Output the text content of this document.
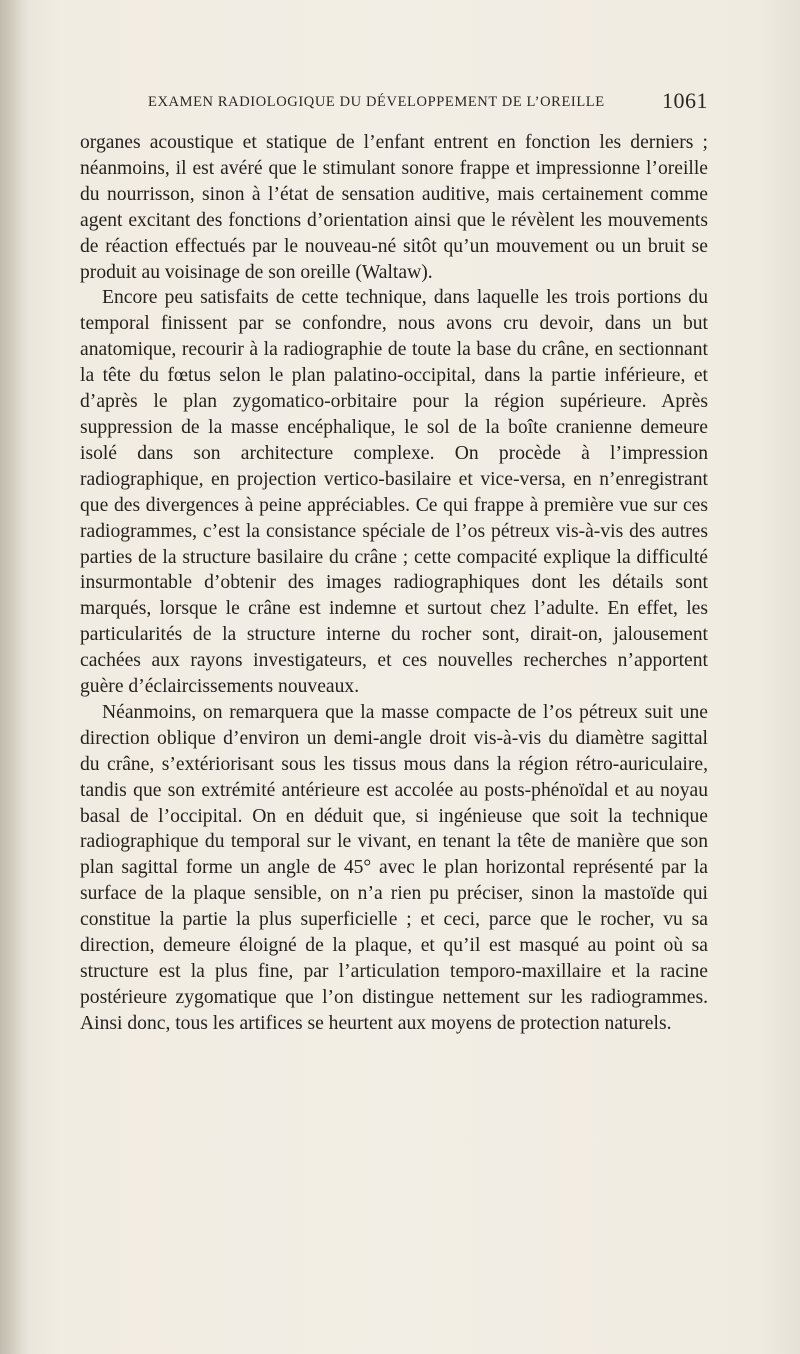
EXAMEN RADIOLOGIQUE DU DÉVELOPPEMENT DE L’OREILLE	1061

organes acoustique et statique de l’enfant entrent en fonction les derniers ; néanmoins, il est avéré que le stimulant sonore frappe et impressionne l’oreille du nourrisson, sinon à l’état de sensation auditive, mais certainement comme agent excitant des fonctions d’orientation ainsi que le révèlent les mouvements de réaction effectués par le nouveau-né sitôt qu’un mouvement ou un bruit se produit au voisinage de son oreille (Waltaw).

Encore peu satisfaits de cette technique, dans laquelle les trois portions du temporal finissent par se confondre, nous avons cru devoir, dans un but anatomique, recourir à la radiographie de toute la base du crâne, en sectionnant la tête du fœtus selon le plan palatino-occipital, dans la partie inférieure, et d’après le plan zygomatico-orbitaire pour la région supérieure. Après suppression de la masse encéphalique, le sol de la boîte cranienne demeure isolé dans son architecture complexe. On procède à l’impression radiographique, en projection vertico-basilaire et vice-versa, en n’enregistrant que des divergences à peine appréciables. Ce qui frappe à première vue sur ces radiogrammes, c’est la consistance spéciale de l’os pétreux vis-à-vis des autres parties de la structure basilaire du crâne ; cette compacité explique la difficulté insurmontable d’obtenir des images radiographiques dont les détails sont marqués, lorsque le crâne est indemne et surtout chez l’adulte. En effet, les particularités de la structure interne du rocher sont, dirait-on, jalousement cachées aux rayons investigateurs, et ces nouvelles recherches n’apportent guère d’éclaircissements nouveaux.

Néanmoins, on remarquera que la masse compacte de l’os pétreux suit une direction oblique d’environ un demi-angle droit vis-à-vis du diamètre sagittal du crâne, s’extériorisant sous les tissus mous dans la région rétro-auriculaire, tandis que son extrémité antérieure est accolée au posts-phénoïdal et au noyau basal de l’occipital. On en déduit que, si ingénieuse que soit la technique radiographique du temporal sur le vivant, en tenant la tête de manière que son plan sagittal forme un angle de 45° avec le plan horizontal représenté par la surface de la plaque sensible, on n’a rien pu préciser, sinon la mastoïde qui constitue la partie la plus superficielle ; et ceci, parce que le rocher, vu sa direction, demeure éloigné de la plaque, et qu’il est masqué au point où sa structure est la plus fine, par l’articulation temporo-maxillaire et la racine postérieure zygomatique que l’on distingue nettement sur les radiogrammes. Ainsi donc, tous les artifices se heurtent aux moyens de protection naturels.
